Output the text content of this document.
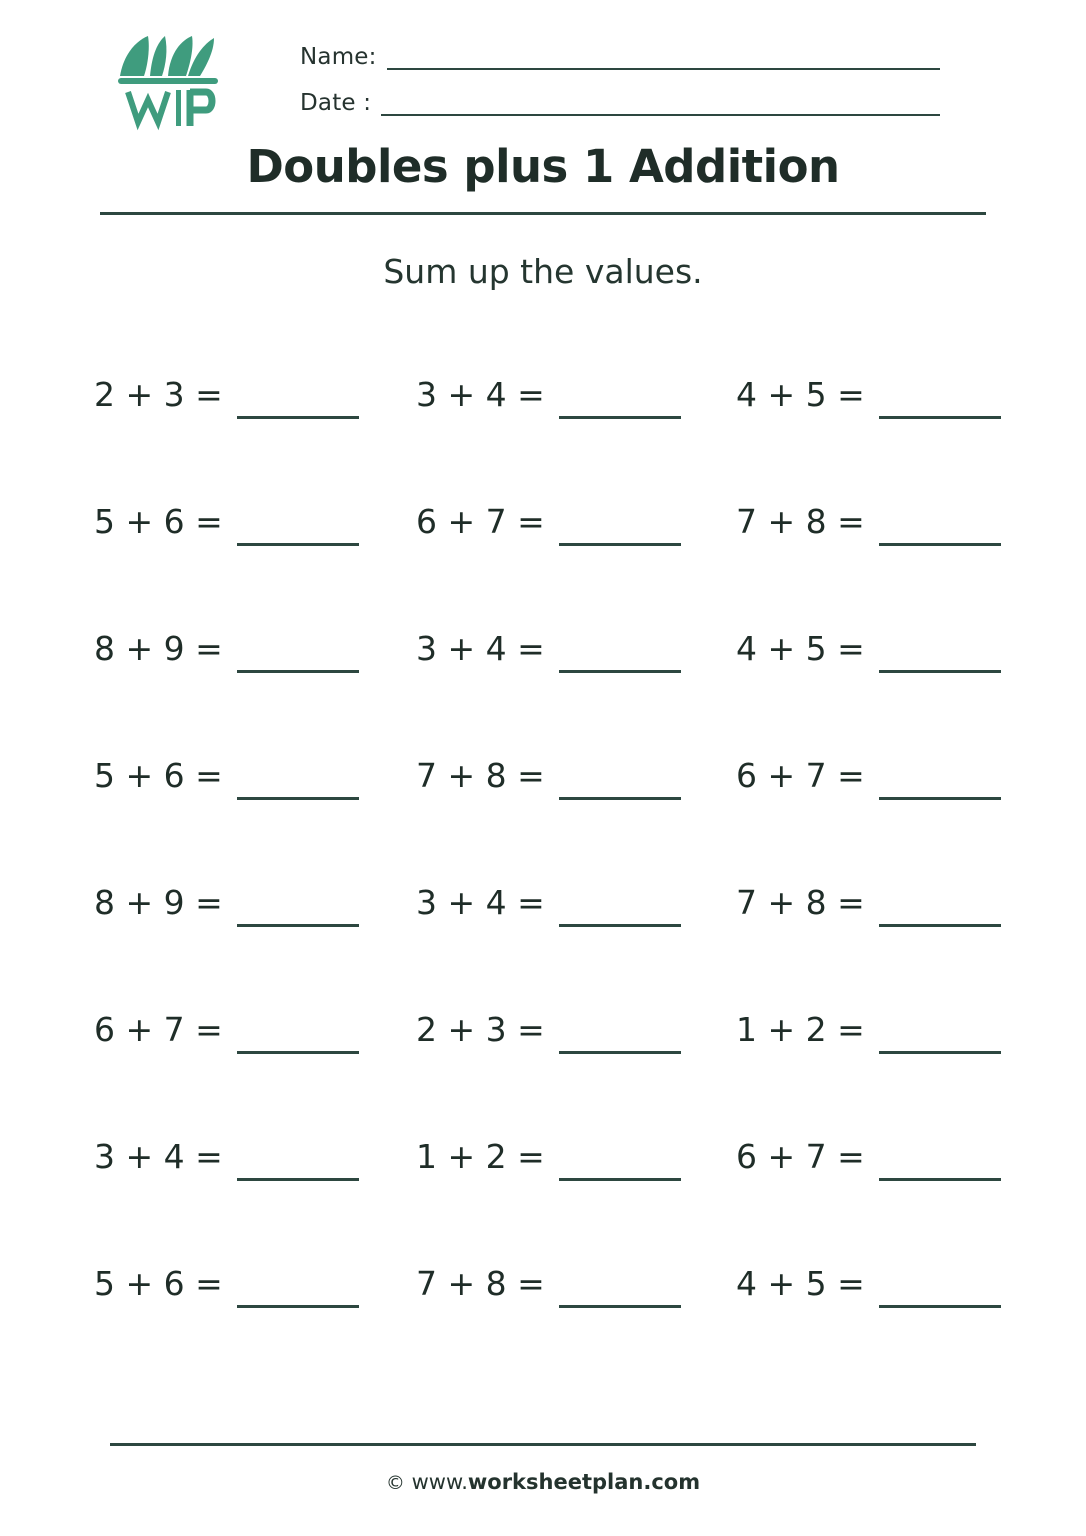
Name:
Date :
Doubles plus 1 Addition
Sum up the values.
2 + 3 =	3 + 4 =	4 + 5 =
5 + 6 =	6 + 7 =	7 + 8 =
8 + 9 =	3 + 4 =	4 + 5 =
5 + 6 =	7 + 8 =	6 + 7 =
8 + 9 =	3 + 4 =	7 + 8 =
6 + 7 =	2 + 3 =	1 + 2 =
3 + 4 =	1 + 2 =	6 + 7 =
5 + 6 =	7 + 8 =	4 + 5 =
© www.worksheetplan.com
